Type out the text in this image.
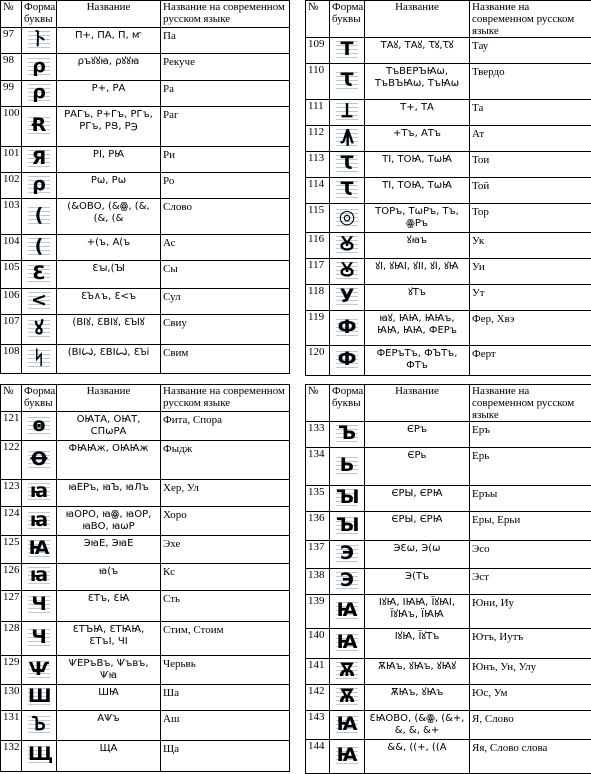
№	Форма буквы	Название	Название на современном русском языке
97	ト	П+, ПА, П, ꙧ	Па
98	ρ	ρъꙋꙋꙗ, ρꙋꙋꙗ	Рекуче
99	ρ	Р+, РА	Ра
100	Ɍ	РАГъ, Р+Гъ, РГъ, РГъ, РՑ, Р℈	Раг
101	Я	РІ, РꙖ	Ри
102	ρ	Рѡ, Рѡ	Ро
103	(	(&ОВО, (&ꙮ, (&, (&, (&	Слово
104	(	+(ъ, А(ъ	Ас
105	Ԑ	Ԑꙑ,(Ꙑ	Сы
106	<	ԐꙎ∧ъ, Ԑ<ъ	Сул
107	ꙋ	(ВІꙋ, ԐВІꙋ, ԐꙎІꙋ	Свиу
108	ᛋ	(ВІꙌ, ԐВІꙌ, ԐꙎі	Свим
№	Форма буквы	Название	Название на современном русском языке
109	T	ТАꙋ, ТАꙋ, Ꚍꙋ,Ꚍꙋ	Тау
110	Ꚍ	ТъВЕРЪꙖѡ, ТъВЪꙖѡ, ТъꙖѡ	Твердо
111	Ʇ	Т+, ТА	Та
112	Ꙟ	+Тъ, АТъ	Ат
113	Ꚍ	ТІ, ТОꙖ, ТѡꙖ	Тои
114	Ꚍ	ТІ, ТОꙖ, ТѡꙖ	Той
115	◎	ТОРъ, ТѡРъ, Тъ, ꙮРъ	Тор
116	Ꙋ	ꙋꙗъ	Ук
117	Ꙋ	ꙋІ, ꙋꙖІ, ꙋІІ, ꙋІ, ꙋꙖ	Уи
118	У	ꙋТъ	Ут
119	Ф	ꙗꙋ, ꙖꙖ, ꙖꙖъ, ꙖꙖ, ꙖꙖ, ФЕРъ	Фер, Хвэ
120	Ф	ФЕРъТъ, ФЪТъ, ФТъ	Ферт
№	Форма буквы	Название	Название на современном русском языке
121	ꙩ	ОꙖТА, ОꙖТ, СПѡРА	Фита, Спора
122	Ꝋ	ФꙖꙖж, ОꙖꙖж	Фыдж
123	ꙗ	ꙗЕРъ, ꙗЪ, ꙗЛъ	Хер, Ул
124	ꙗ	ꙗОРО, ꙗꙮ, ꙗОР, ꙗВО, ꙗѡР	Хоро
125	Ꙗ	ЭꙗЕ, ЭꙗЕ	Эхе
126	ꙗ	ꙗ(ъ	Кс
127	Ч	ԐТъ, ԐꙖ	Сть
128	Ч	ԐТЪꙖ, ԐТꙖꙖ, ԐТъІ, ЧІ	Стим, Стоим
129	Ѱ	ѰЕРъВъ, Ѱъвъ, Ѱꙗ	Черьвь
130	Ш	ШꙖ	Ша
131	Ꙏ	АѰъ	Аш
132	Щ	ЩА	Ща
№	Форма буквы	Название	Название на современном русском языке
133	Ъ	ЄРъ	Еръ
134	Ь	ЄРь	Ерь
135	Ꙑ	ЄРЫ, ЄРꙖ	Еръы
136	Ꙑ	ЄРЫ, ЄРꙖ	Еры, Ерьи
137	Э	ЭԐѡ, Э(ѡ	Эсо
138	Э	Э(Тъ	Эст
139	Ꙗ	ІꙋꙖ, ІꙖꙖ, ЇꙋꙖІ, ЇꙋꙖъ, ЇꙖꙖ	Юни, Иу
140	Ꙗ	ІꙋꙖ, ЇꙋТъ	Ютъ, Иутъ
141	Ѫ	ѪꙖъ, ꙋꙖъ, ꙋꙖꙋ	Юнъ, Ун, Улу
142	Ѫ	ѪꙖъ, ꙋꙖъ	Юс, Ум
143	Ꙗ	ԐꙖОВО, (&ꙮ, (&+, &, &, &+	Я, Слово
144	Ꙗ	&&, ((+, ((А	Яя, Слово слова
